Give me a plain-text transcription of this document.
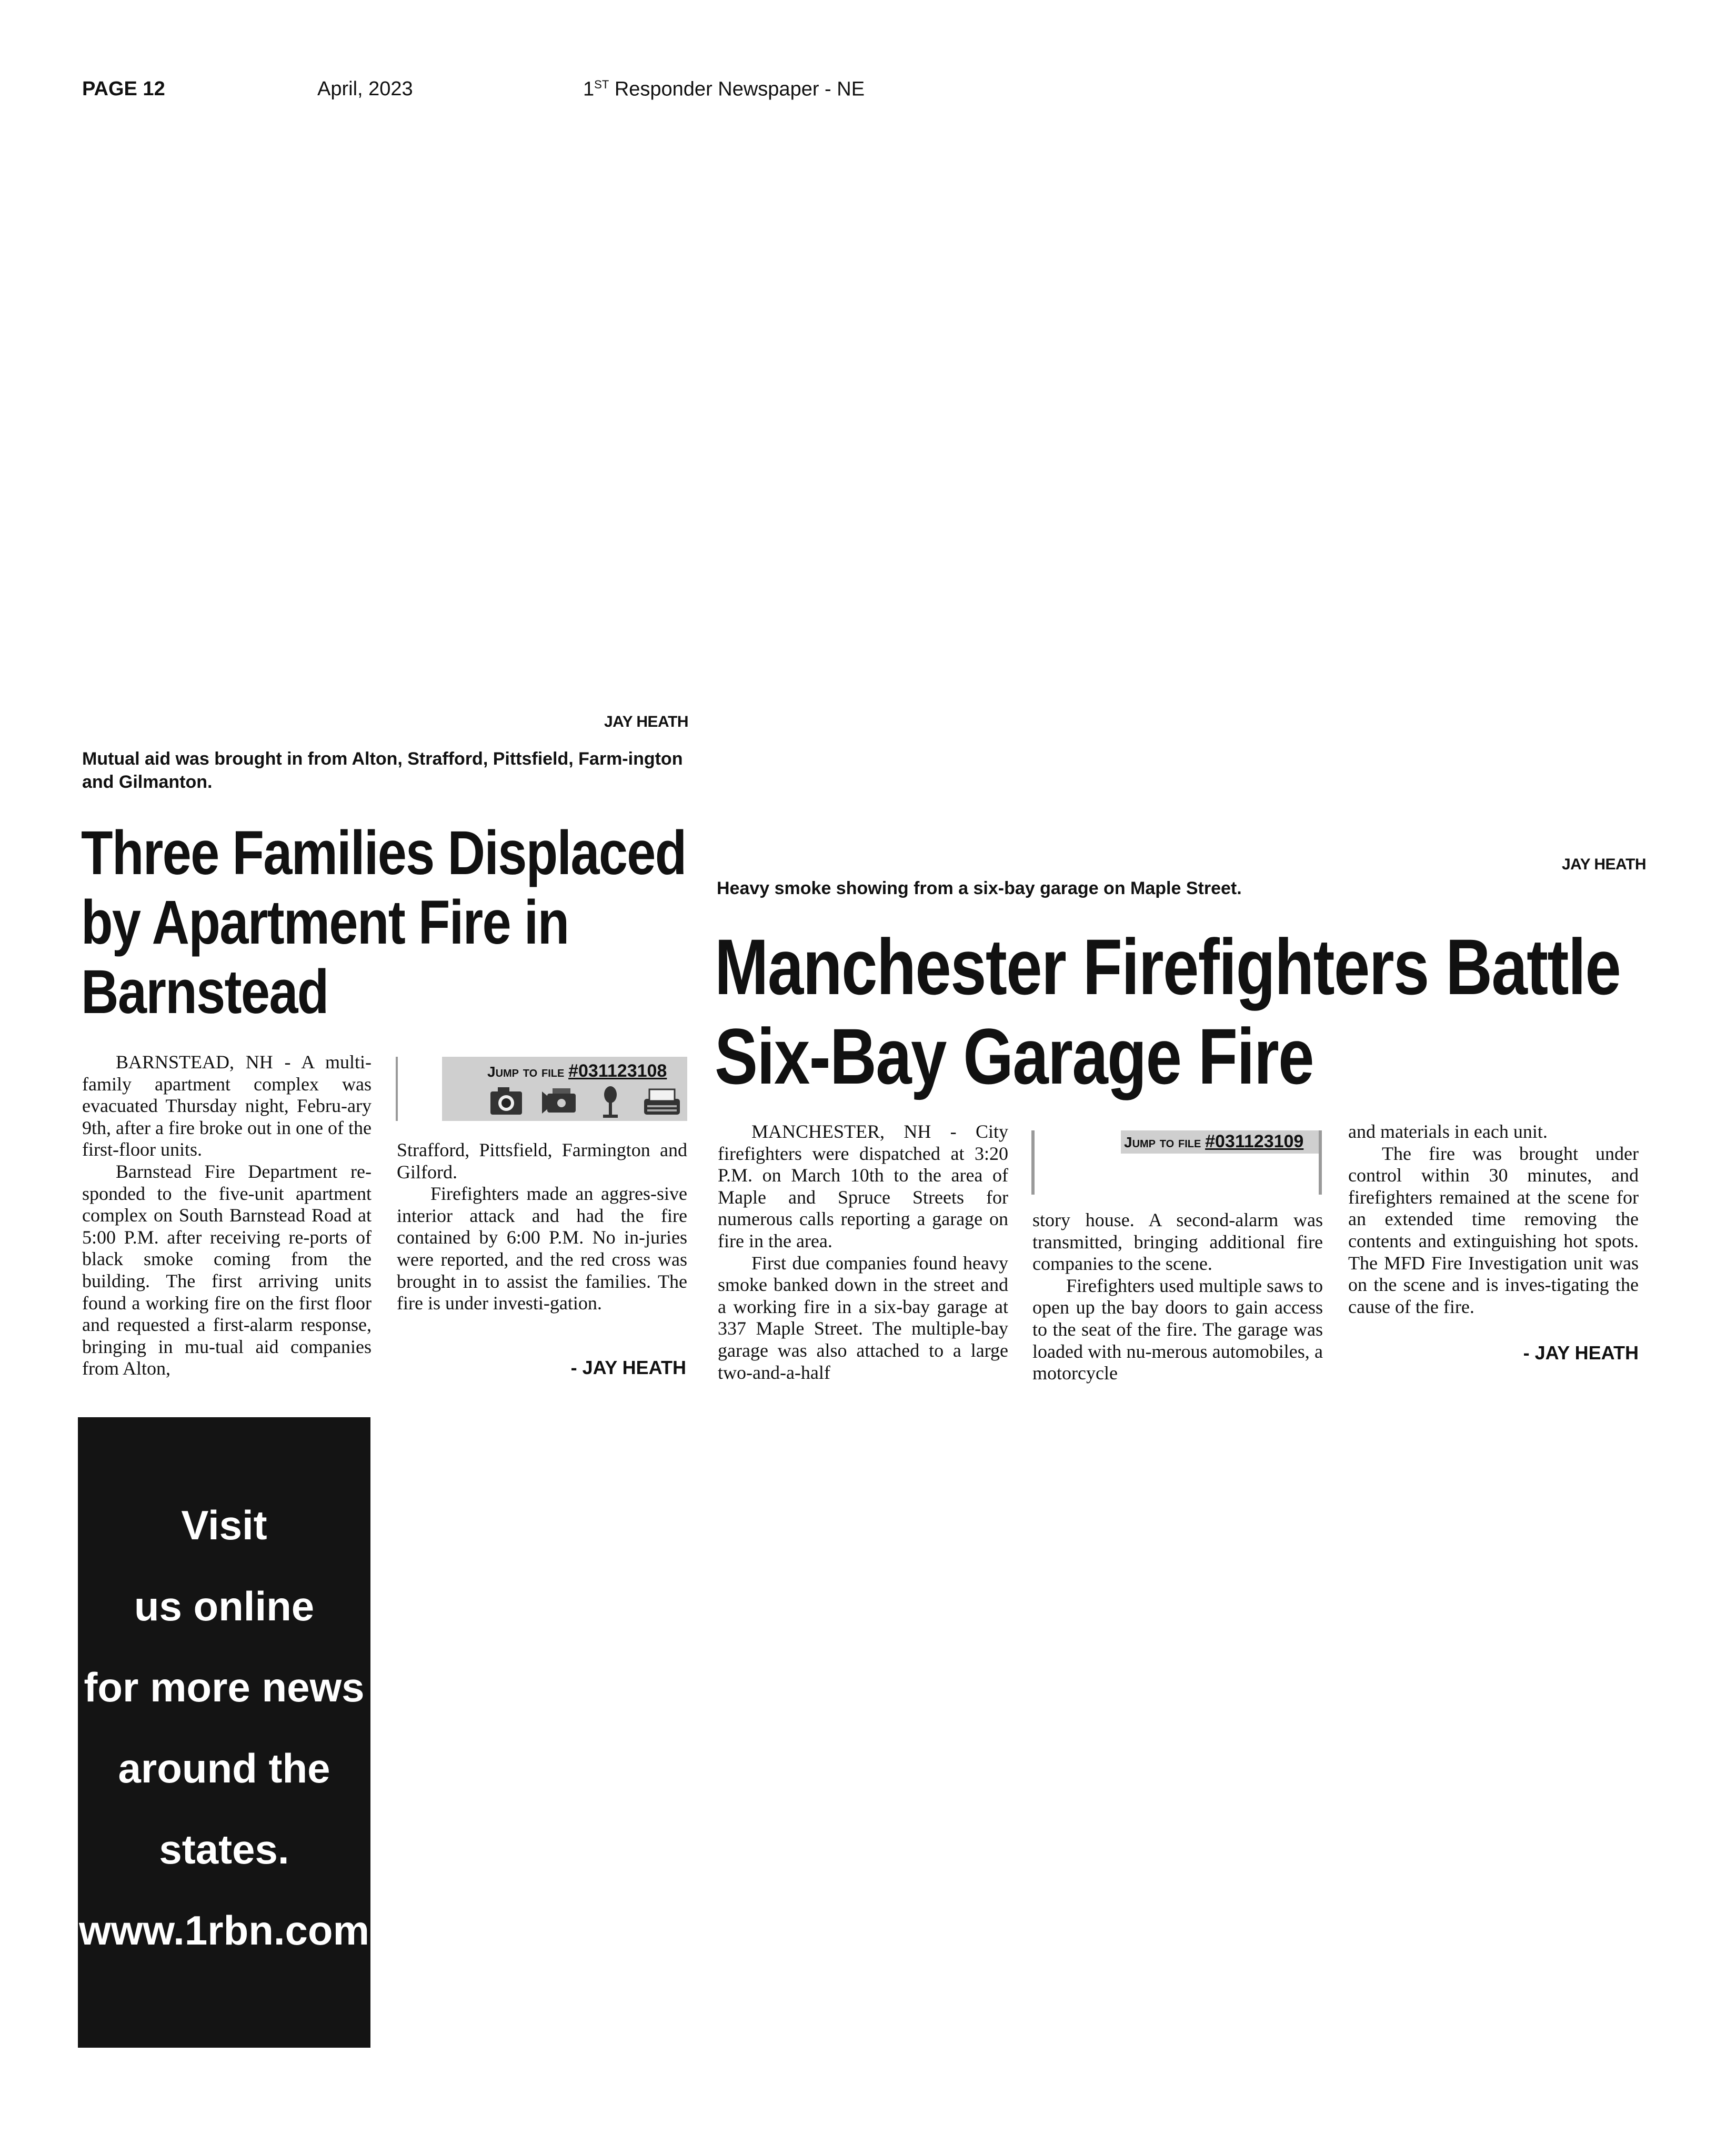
PAGE 12	April, 2023	1ST Responder Newspaper - NE
JAY HEATH
Mutual aid was brought in from Alton, Strafford, Pittsfield, Farm-ington and Gilmanton.
Three Families Displaced
by Apartment Fire in
Barnstead

BARNSTEAD, NH - A multi-family apartment complex was evacuated Thursday night, Febru-ary 9th, after a fire broke out in one of the first-floor units.

Barnstead Fire Department re-sponded to the five-unit apartment complex on South Barnstead Road at 5:00 P.M. after receiving re-ports of black smoke coming from the building. The first arriving units found a working fire on the first floor and requested a first-alarm response, bringing in mu-tual aid companies from Alton,

Jump to file #031123108

Strafford, Pittsfield, Farmington and Gilford.

Firefighters made an aggres-sive interior attack and had the fire contained by 6:00 P.M. No in-juries were reported, and the red cross was brought in to assist the families. The fire is under investi-gation.

- JAY HEATH
JAY HEATH
Heavy smoke showing from a six-bay garage on Maple Street.
Manchester Firefighters Battle
Six-Bay Garage Fire

MANCHESTER, NH - City firefighters were dispatched at 3:20 P.M. on March 10th to the area of Maple and Spruce Streets for numerous calls reporting a garage on fire in the area.

First due companies found heavy smoke banked down in the street and a working fire in a six-bay garage at 337 Maple Street. The multiple-bay garage was also attached to a large two-and-a-half

Jump to file #031123109

story house. A second-alarm was transmitted, bringing additional fire companies to the scene.

Firefighters used multiple saws to open up the bay doors to gain access to the seat of the fire. The garage was loaded with nu-merous automobiles, a motorcycle

and materials in each unit.

The fire was brought under control within 30 minutes, and firefighters remained at the scene for an extended time removing the contents and extinguishing hot spots. The MFD Fire Investigation unit was on the scene and is inves-tigating the cause of the fire.

- JAY HEATH
Visit
us online
for more news
around the
states.
www.1rbn.com
